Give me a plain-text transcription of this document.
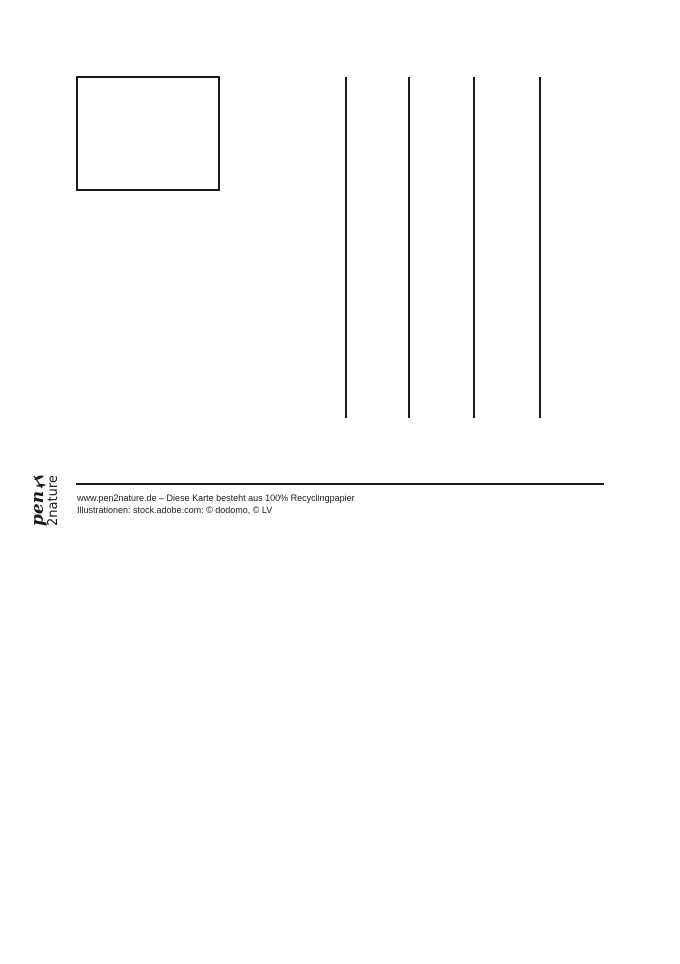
pen
2nature www.pen2nature.de – Diese Karte besteht aus 100% Recyclingpapier
Illustrationen: stock.adobe.com: © dodomo, © LV
